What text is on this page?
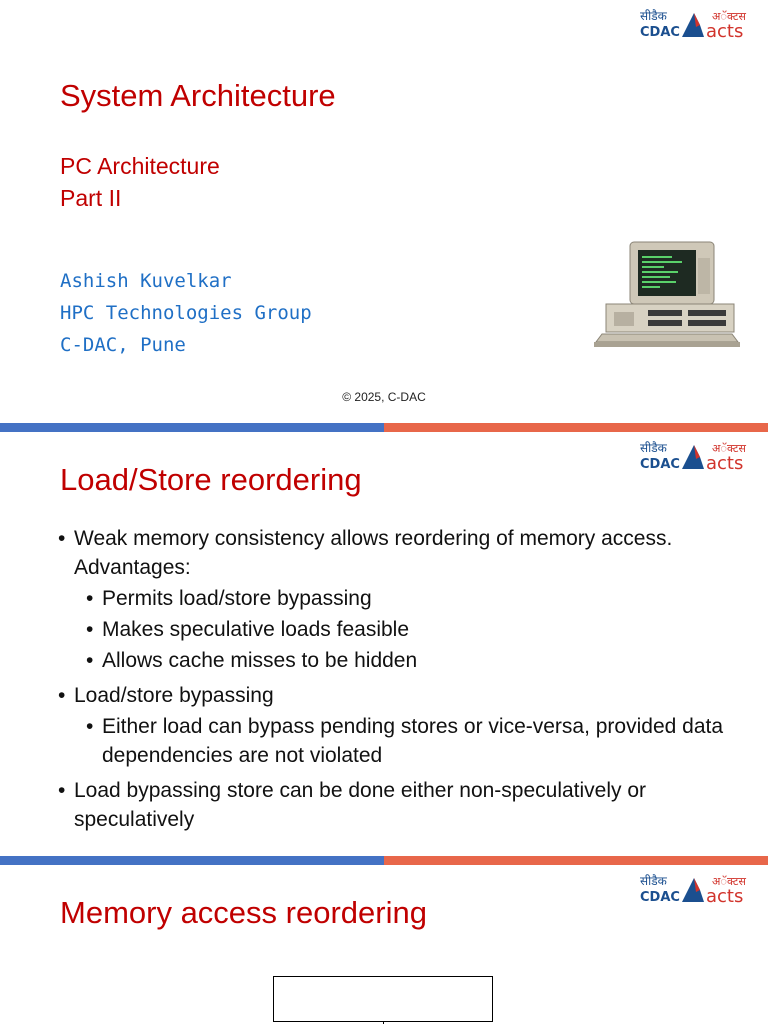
सीडैक
CDAC
अॅक्टस
acts
System Architecture
PC Architecture
Part II
Ashish Kuvelkar
HPC Technologies Group
C-DAC, Pune
© 2025, C-DAC
सीडैक
CDAC
अॅक्टस
acts
Load/Store reordering
• Weak memory consistency allows reordering of memory access. Advantages:
• Permits load/store bypassing
• Makes speculative loads feasible
• Allows cache misses to be hidden
• Load/store bypassing
• Either load can bypass pending stores or vice-versa, provided data dependencies are not violated
• Load bypassing store can be done either non-speculatively or speculatively
सीडैक
CDAC
अॅक्टस
acts
Memory access reordering
